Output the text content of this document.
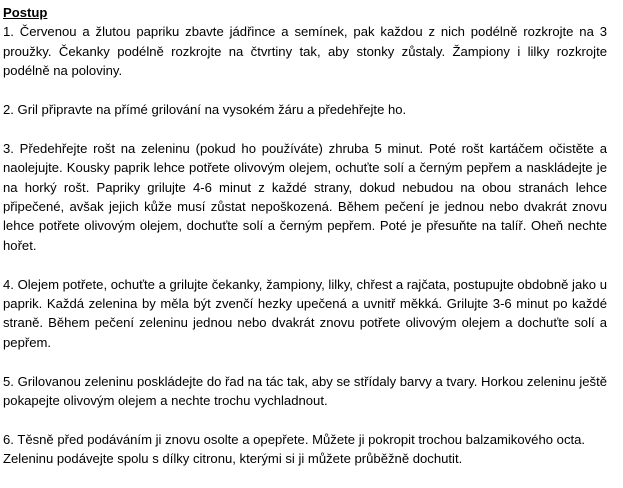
Postup

1. Červenou a žlutou papriku zbavte jádřince a semínek, pak každou z nich podélně rozkrojte na 3 proužky. Čekanky podélně rozkrojte na čtvrtiny tak, aby stonky zůstaly. Žampiony i lilky rozkrojte podélně na poloviny.

2. Gril připravte na přímé grilování na vysokém žáru a předehřejte ho.

3. Předehřejte rošt na zeleninu (pokud ho používáte) zhruba 5 minut. Poté rošt kartáčem očistěte a naolejujte. Kousky paprik lehce potřete olivovým olejem, ochuťte solí a černým pepřem a naskládejte je na horký rošt. Papriky grilujte 4-6 minut z každé strany, dokud nebudou na obou stranách lehce připečené, avšak jejich kůže musí zůstat nepoškozená. Během pečení je jednou nebo dvakrát znovu lehce potřete olivovým olejem, dochuťte solí a černým pepřem. Poté je přesuňte na talíř. Oheň nechte hořet.

4. Olejem potřete, ochuťte a grilujte čekanky, žampiony, lilky, chřest a rajčata, postupujte obdobně jako u paprik. Každá zelenina by měla být zvenčí hezky upečená a uvnitř měkká. Grilujte 3-6 minut po každé straně. Během pečení zeleninu jednou nebo dvakrát znovu potřete olivovým olejem a dochuťte solí a pepřem.

5. Grilovanou zeleninu poskládejte do řad na tác tak, aby se střídaly barvy a tvary. Horkou zeleninu ještě pokapejte olivovým olejem a nechte trochu vychladnout.

6. Těsně před podáváním ji znovu osolte a opepřete. Můžete ji pokropit trochou balzamikového octa. Zeleninu podávejte spolu s dílky citronu, kterými si ji můžete průběžně dochutit.
